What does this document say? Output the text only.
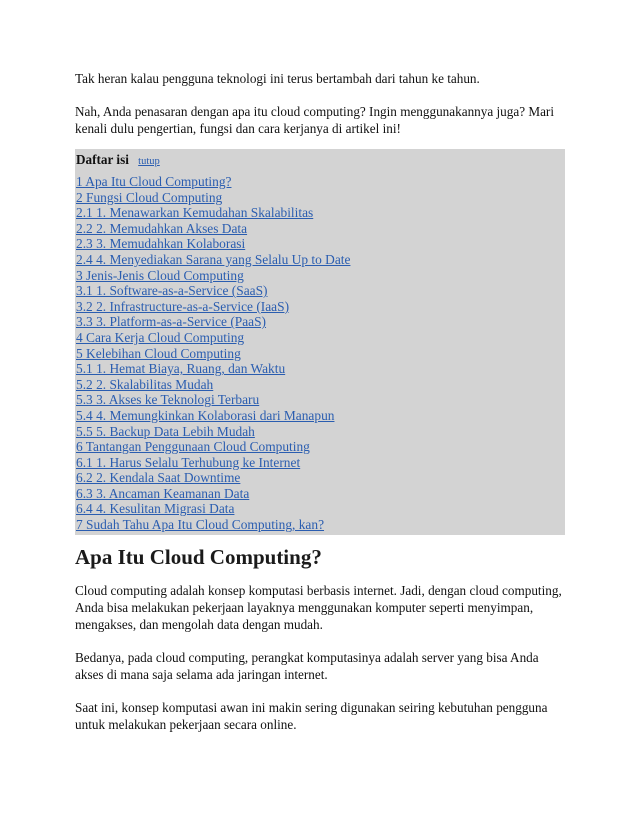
Tak heran kalau pengguna teknologi ini terus bertambah dari tahun ke tahun.

Nah, Anda penasaran dengan apa itu cloud computing? Ingin menggunakannya juga? Mari kenali dulu pengertian, fungsi dan cara kerjanya di artikel ini!

Daftar isi tutup
1 Apa Itu Cloud Computing?
2 Fungsi Cloud Computing
2.1 1. Menawarkan Kemudahan Skalabilitas
2.2 2. Memudahkan Akses Data
2.3 3. Memudahkan Kolaborasi
2.4 4. Menyediakan Sarana yang Selalu Up to Date
3 Jenis-Jenis Cloud Computing
3.1 1. Software-as-a-Service (SaaS)
3.2 2. Infrastructure-as-a-Service (IaaS)
3.3 3. Platform-as-a-Service (PaaS)
4 Cara Kerja Cloud Computing
5 Kelebihan Cloud Computing
5.1 1. Hemat Biaya, Ruang, dan Waktu
5.2 2. Skalabilitas Mudah
5.3 3. Akses ke Teknologi Terbaru
5.4 4. Memungkinkan Kolaborasi dari Manapun
5.5 5. Backup Data Lebih Mudah
6 Tantangan Penggunaan Cloud Computing
6.1 1. Harus Selalu Terhubung ke Internet
6.2 2. Kendala Saat Downtime
6.3 3. Ancaman Keamanan Data
6.4 4. Kesulitan Migrasi Data
7 Sudah Tahu Apa Itu Cloud Computing, kan?
Apa Itu Cloud Computing?

Cloud computing adalah konsep komputasi berbasis internet. Jadi, dengan cloud computing, Anda bisa melakukan pekerjaan layaknya menggunakan komputer seperti menyimpan, mengakses, dan mengolah data dengan mudah.

Bedanya, pada cloud computing, perangkat komputasinya adalah server yang bisa Anda akses di mana saja selama ada jaringan internet.

Saat ini, konsep komputasi awan ini makin sering digunakan seiring kebutuhan pengguna untuk melakukan pekerjaan secara online.
